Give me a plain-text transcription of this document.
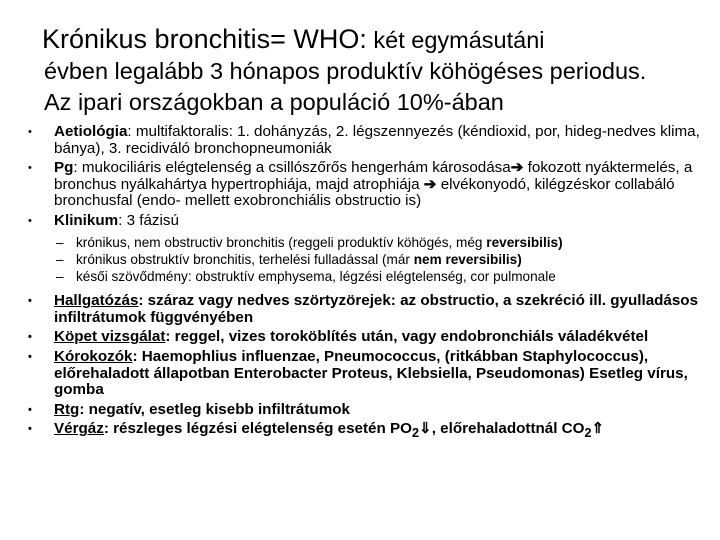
Krónikus bronchitis= WHO: két egymásutáni
évben legalább 3 hónapos produktív köhögéses periodus.
Az ipari országokban a populáció 10%-ában
• Aetiológia: multifaktoralis: 1. dohányzás, 2. légszennyezés (kéndioxid, por, hideg-nedves klima, bánya), 3. recidiváló bronchopneumoniák
• Pg: mukociliáris elégtelenség a csillószőrős hengerhám károsodása➔ fokozott nyáktermelés, a bronchus nyálkahártya hypertrophiája, majd atrophiája ➔ elvékonyodó, kilégzéskor collabáló bronchusfal (endo- mellett exobronchiális obstructio is)
• Klinikum: 3 fázisú
– krónikus, nem obstructiv bronchitis (reggeli produktív köhögés, még reversibilis)
– krónikus obstruktív bronchitis, terhelési fulladással (már nem reversibilis)
– késői szövődmény: obstruktív emphysema, légzési elégtelenség, cor pulmonale
• Hallgatózás: száraz vagy nedves szörtyzörejek: az obstructio, a szekréció ill. gyulladásos infiltrátumok függvényében
• Köpet vizsgálat: reggel, vizes toroköblítés után, vagy endobronchiáls váladékvétel
• Kórokozók: Haemophlius influenzae, Pneumococcus, (ritkábban Staphylococcus), előrehaladott állapotban Enterobacter Proteus, Klebsiella, Pseudomonas) Esetleg vírus, gomba
• Rtg: negatív, esetleg kisebb infiltrátumok
• Vérgáz: részleges légzési elégtelenség esetén $PO_2⇓$, előrehaladottnál $CO_2⇑$
